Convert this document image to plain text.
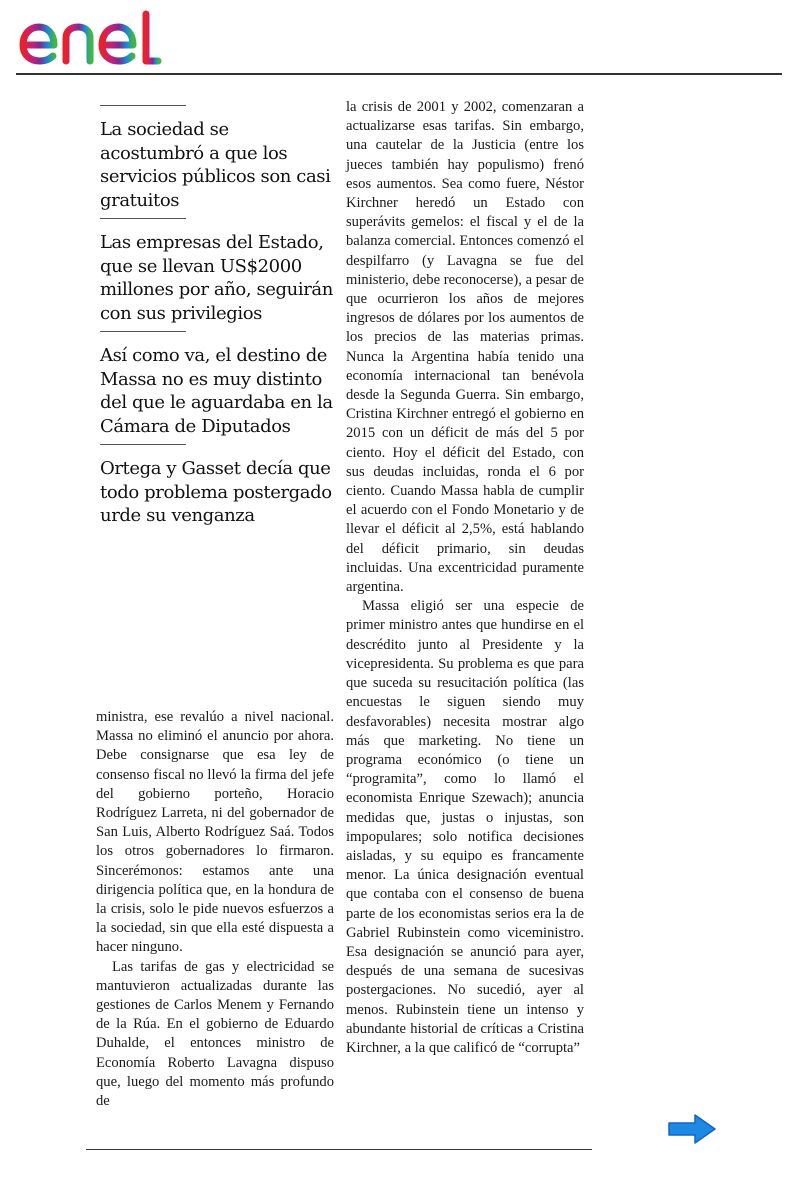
La sociedad se acostumbró a que los servicios públicos son casi gratuitos

Las empresas del Estado, que se llevan US$2000 millones por año, seguirán con sus privilegios

Así como va, el destino de Massa no es muy distinto del que le aguardaba en la Cámara de Diputados

Ortega y Gasset decía que todo problema postergado urde su venganza

ministra, ese revalúo a nivel nacional. Massa no eliminó el anuncio por ahora. Debe consignarse que esa ley de consenso fiscal no llevó la firma del jefe del gobierno porteño, Horacio Rodríguez Larreta, ni del gobernador de San Luis, Alberto Rodríguez Saá. Todos los otros gobernadores lo firmaron. Sincerémonos: estamos ante una dirigencia política que, en la hondura de la crisis, solo le pide nuevos esfuerzos a la sociedad, sin que ella esté dispuesta a hacer ninguno.

Las tarifas de gas y electricidad se mantuvieron actualizadas durante las gestiones de Carlos Menem y Fernando de la Rúa. En el gobierno de Eduardo Duhalde, el entonces ministro de Economía Roberto Lavagna dispuso que, luego del momento más profundo de

la crisis de 2001 y 2002, comenzaran a actualizarse esas tarifas. Sin embargo, una cautelar de la Justicia (entre los jueces también hay populismo) frenó esos aumentos. Sea como fuere, Néstor Kirchner heredó un Estado con superávits gemelos: el fiscal y el de la balanza comercial. Entonces comenzó el despilfarro (y Lavagna se fue del ministerio, debe reconocerse), a pesar de que ocurrieron los años de mejores ingresos de dólares por los aumentos de los precios de las materias primas. Nunca la Argentina había tenido una economía internacional tan benévola desde la Segunda Guerra. Sin embargo, Cristina Kirchner entregó el gobierno en 2015 con un déficit de más del 5 por ciento. Hoy el déficit del Estado, con sus deudas incluidas, ronda el 6 por ciento. Cuando Massa habla de cumplir el acuerdo con el Fondo Monetario y de llevar el déficit al 2,5%, está hablando del déficit primario, sin deudas incluidas. Una excentricidad puramente argentina.

Massa eligió ser una especie de primer ministro antes que hundirse en el descrédito junto al Presidente y la vicepresidenta. Su problema es que para que suceda su resucitación política (las encuestas le siguen siendo muy desfavorables) necesita mostrar algo más que marketing. No tiene un programa económico (o tiene un “programita”, como lo llamó el economista Enrique Szewach); anuncia medidas que, justas o injustas, son impopulares; solo notifica decisiones aisladas, y su equipo es francamente menor. La única designación eventual que contaba con el consenso de buena parte de los economistas serios era la de Gabriel Rubinstein como viceministro. Esa designación se anunció para ayer, después de una semana de sucesivas postergaciones. No sucedió, ayer al menos. Rubinstein tiene un intenso y abundante historial de críticas a Cristina Kirchner, a la que calificó de “corrupta”
